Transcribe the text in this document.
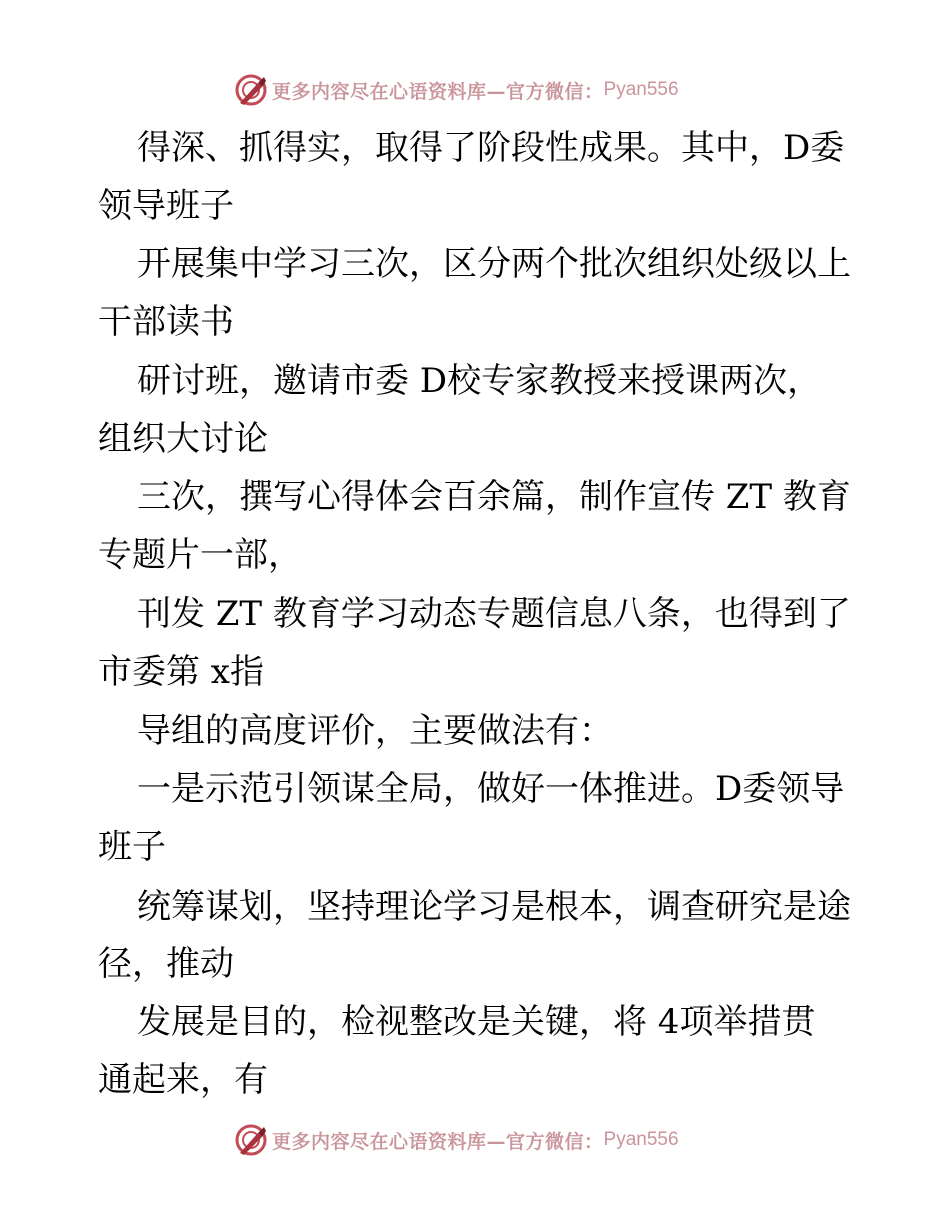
更多内容尽在心语资料库—官方微信： Pyan556
得深、抓得实，取得了阶段性成果。其中，D委
领导班子
开展集中学习三次，区分两个批次组织处级以上
干部读书
研讨班，邀请市委 D校专家教授来授课两次，
组织大讨论
三次，撰写心得体会百余篇，制作宣传 ZT 教育
专题片一部，
刊发 ZT 教育学习动态专题信息八条，也得到了
市委第 x指
导组的高度评价，主要做法有：
一是示范引领谋全局，做好一体推进。D委领导
班子
统筹谋划，坚持理论学习是根本，调查研究是途
径，推动
发展是目的，检视整改是关键，将 4项举措贯
通起来，有
更多内容尽在心语资料库—官方微信： Pyan556
